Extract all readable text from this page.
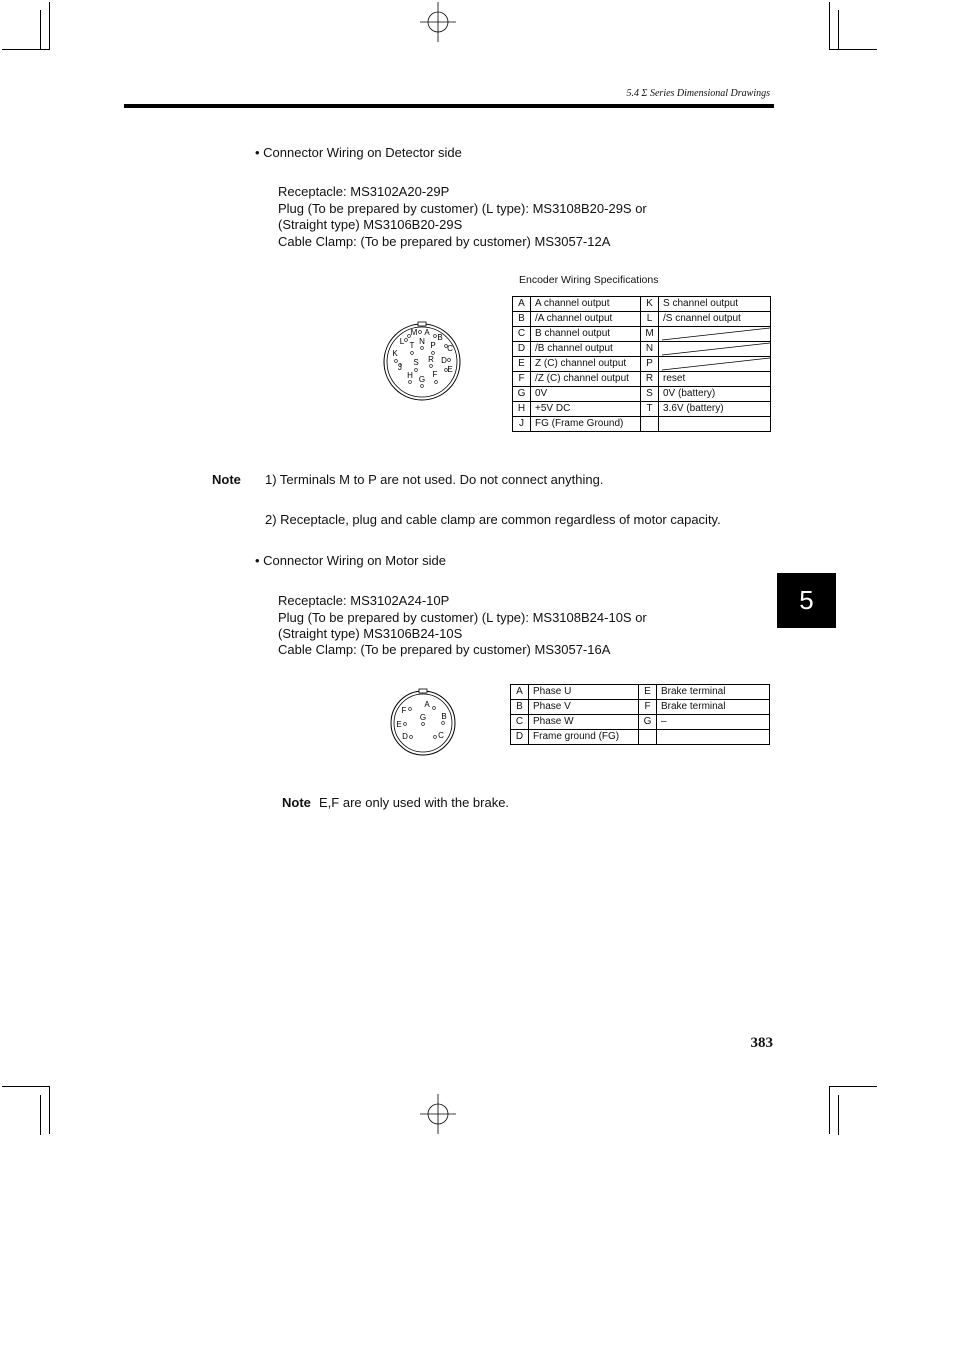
5.4 Σ Series Dimensional Drawings
• Connector Wiring on Detector side
Receptacle: MS3102A20-29P
Plug (To be prepared by customer) (L type): MS3108B20-29S or
(Straight type) MS3106B20-29S
Cable Clamp: (To be prepared by customer) MS3057-12A
Encoder Wiring Specifications
A
B
C
D
E
F
G
H
J
K
L
M
N P
R
S
T
A	A channel output	K	S channel output
B	/A channel output	L	/S cnannel output
C	B channel output	M	
D	/B channel output	N	
E	Z (C) channel output	P	
F	/Z (C) channel output	R	reset
G	0V	S	0V (battery)
H	+5V DC	T	3.6V (battery)
J	FG (Frame Ground)		
Note 1) Terminals M to P are not used. Do not connect anything.
2) Receptacle, plug and cable clamp are common regardless of motor capacity.
• Connector Wiring on Motor side
Receptacle: MS3102A24-10P
Plug (To be prepared by customer) (L type): MS3108B24-10S or
(Straight type) MS3106B24-10S
Cable Clamp: (To be prepared by customer) MS3057-16A
5
A
B
C
D
E
F
G
A	Phase U	E	Brake terminal
B	Phase V	F	Brake terminal
C	Phase W	G	–
D	Frame ground (FG)		
Note E,F are only used with the brake.
383
